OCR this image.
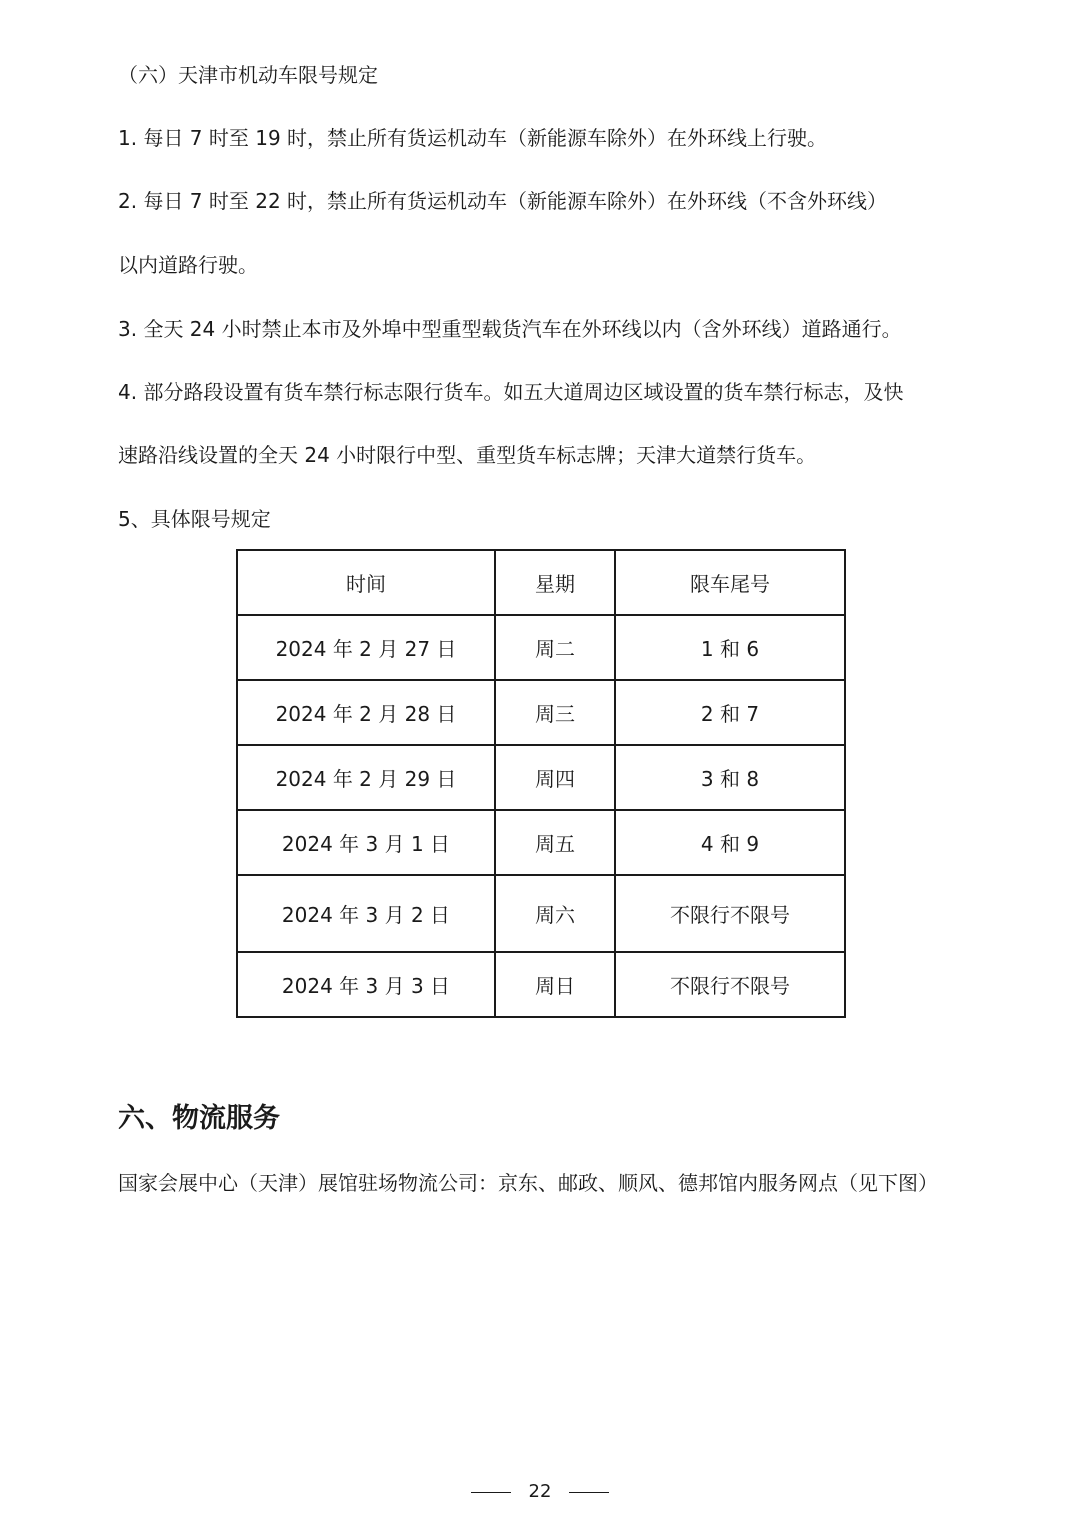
（六）天津市机动车限号规定
1. 每日 7 时至 19 时，禁止所有货运机动车（新能源车除外）在外环线上行驶。
2. 每日 7 时至 22 时，禁止所有货运机动车（新能源车除外）在外环线（不含外环线）
以内道路行驶。
3. 全天 24 小时禁止本市及外埠中型重型载货汽车在外环线以内（含外环线）道路通行。
4. 部分路段设置有货车禁行标志限行货车。如五大道周边区域设置的货车禁行标志，及快
速路沿线设置的全天 24 小时限行中型、重型货车标志牌；天津大道禁行货车。
5、具体限号规定
时间	星期	限车尾号
2024 年 2 月 27 日	周二	1 和 6
2024 年 2 月 28 日	周三	2 和 7
2024 年 2 月 29 日	周四	3 和 8
2024 年 3 月 1 日	周五	4 和 9
2024 年 3 月 2 日	周六	不限行不限号
2024 年 3 月 3 日	周日	不限行不限号
六、物流服务
国家会展中心（天津）展馆驻场物流公司：京东、邮政、顺风、德邦馆内服务网点（见下图）
22
